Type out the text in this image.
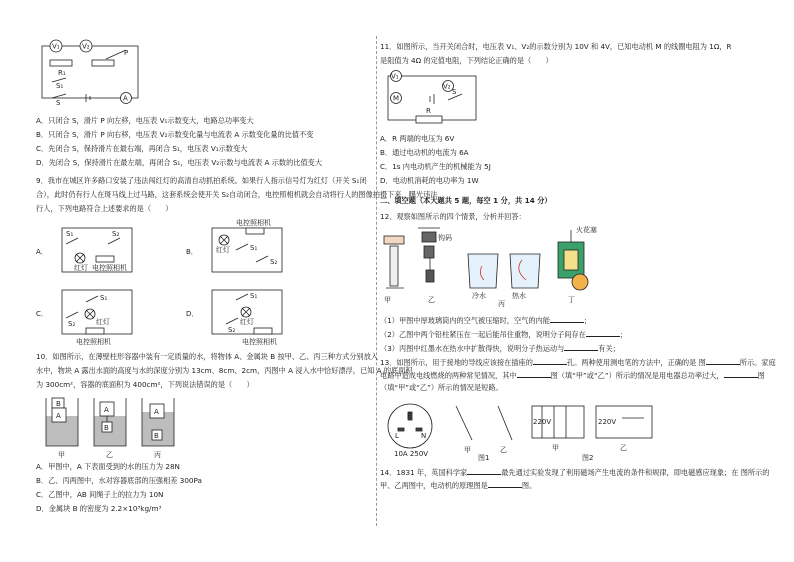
V₁	V₂
P
R₁
S₁
S
A
A．只闭合 S，滑片 P 向左移，电压表 V₁示数变大，电路总功率变大
B．只闭合 S，滑片 P 向右移，电压表 V₂示数变化量与电流表 A 示数变化量的比值不变
C．先闭合 S，保持滑片在最右端，再闭合 S₁，电压表 V₁示数变大
D．先闭合 S，保持滑片在最左端，再闭合 S₁，电压表 V₂示数与电流表 A 示数的比值变大
9．我市在城区许多路口安装了违法闯红灯的高清自动抓拍系统。如果行人指示信号灯为红灯（开关 S₁闭
合），此时仍有行人在斑马线上过马路，这套系统会使开关 S₂自动闭合，电控照相机就会自动将行人的图像拍摄下来，曝光违法
行人，下列电路符合上述要求的是（　　）
A．	B．
C．	D．
S₁	S₂
红灯 电控照相机
电控照相机
红灯	S₁
S₂
S₁
S₂	红灯
电控照相机
S₁
红灯
S₂
电控照相机
10．如图所示，在薄壁柱形容器中装有一定质量的水，将物体 A、金属块 B 按甲、乙、丙三种方式分别放入
水中，物块 A 露出水面的高度与水的深度分别为 13cm、8cm、2cm，丙图中 A 浸入水中恰好漂浮，已知 A 的底面积
为 300cm²，容器的底面积为 400cm²，下列说法错误的是（　　）
B
A
A
B
A
B
甲	乙	丙
A．甲图中，A 下表面受到的水的压力为 28N
B．乙、丙两图中，水对容器底部的压强相差 300Pa
C．乙图中，AB 间绳子上的拉力为 10N
D．金属块 B 的密度为 2.2×10³kg/m³
11．如图所示，当开关闭合时，电压表 V₁、V₂的示数分别为 10V 和 4V，已知电动机 M 的线圈电阻为 1Ω，R
是阻值为 4Ω 的定值电阻，下列结论正确的是（　　）
V₁
V₂
M
S
R
A．R 两端的电压为 6V
B．通过电动机的电流为 6A
C．1s 内电动机产生的机械能为 5J
D．电动机消耗的电功率为 1W
二、填空题（本大题共 5 题，每空 1 分，共 14 分）
12．观察如图所示的四个情景，分析并回答：
甲	乙
钩码
冷水	热水
丙	丁
火花塞
（1）甲图中厚玻璃筒内的空气被压缩时，空气的内能	；
（2）乙图中两个铅柱紧压在一起后能吊住重物，说明分子间存在	；
（3）丙图中红墨水在热水中扩散得快，说明分子热运动与	有关；
13．如图所示，用于接地的导线应该接在插座的	孔。两种使用测电笔的方法中，正确的是 图	所示。家庭电路中造成电线燃烧的两种常见情况，其中	图（填“甲”或“乙”）所示的情况是用电器总功率过大，	图（填“甲”或“乙”）所示的情况是短路。
E
L	N
10A 250V	甲	乙
图1
220V	220V
甲	乙
图2
14．1831 年，英国科学家	最先通过实验发现了利用磁场产生电流的条件和规律，即电磁感应现象；在 图所示的甲、乙两图中，电动机的原理图是	图。
